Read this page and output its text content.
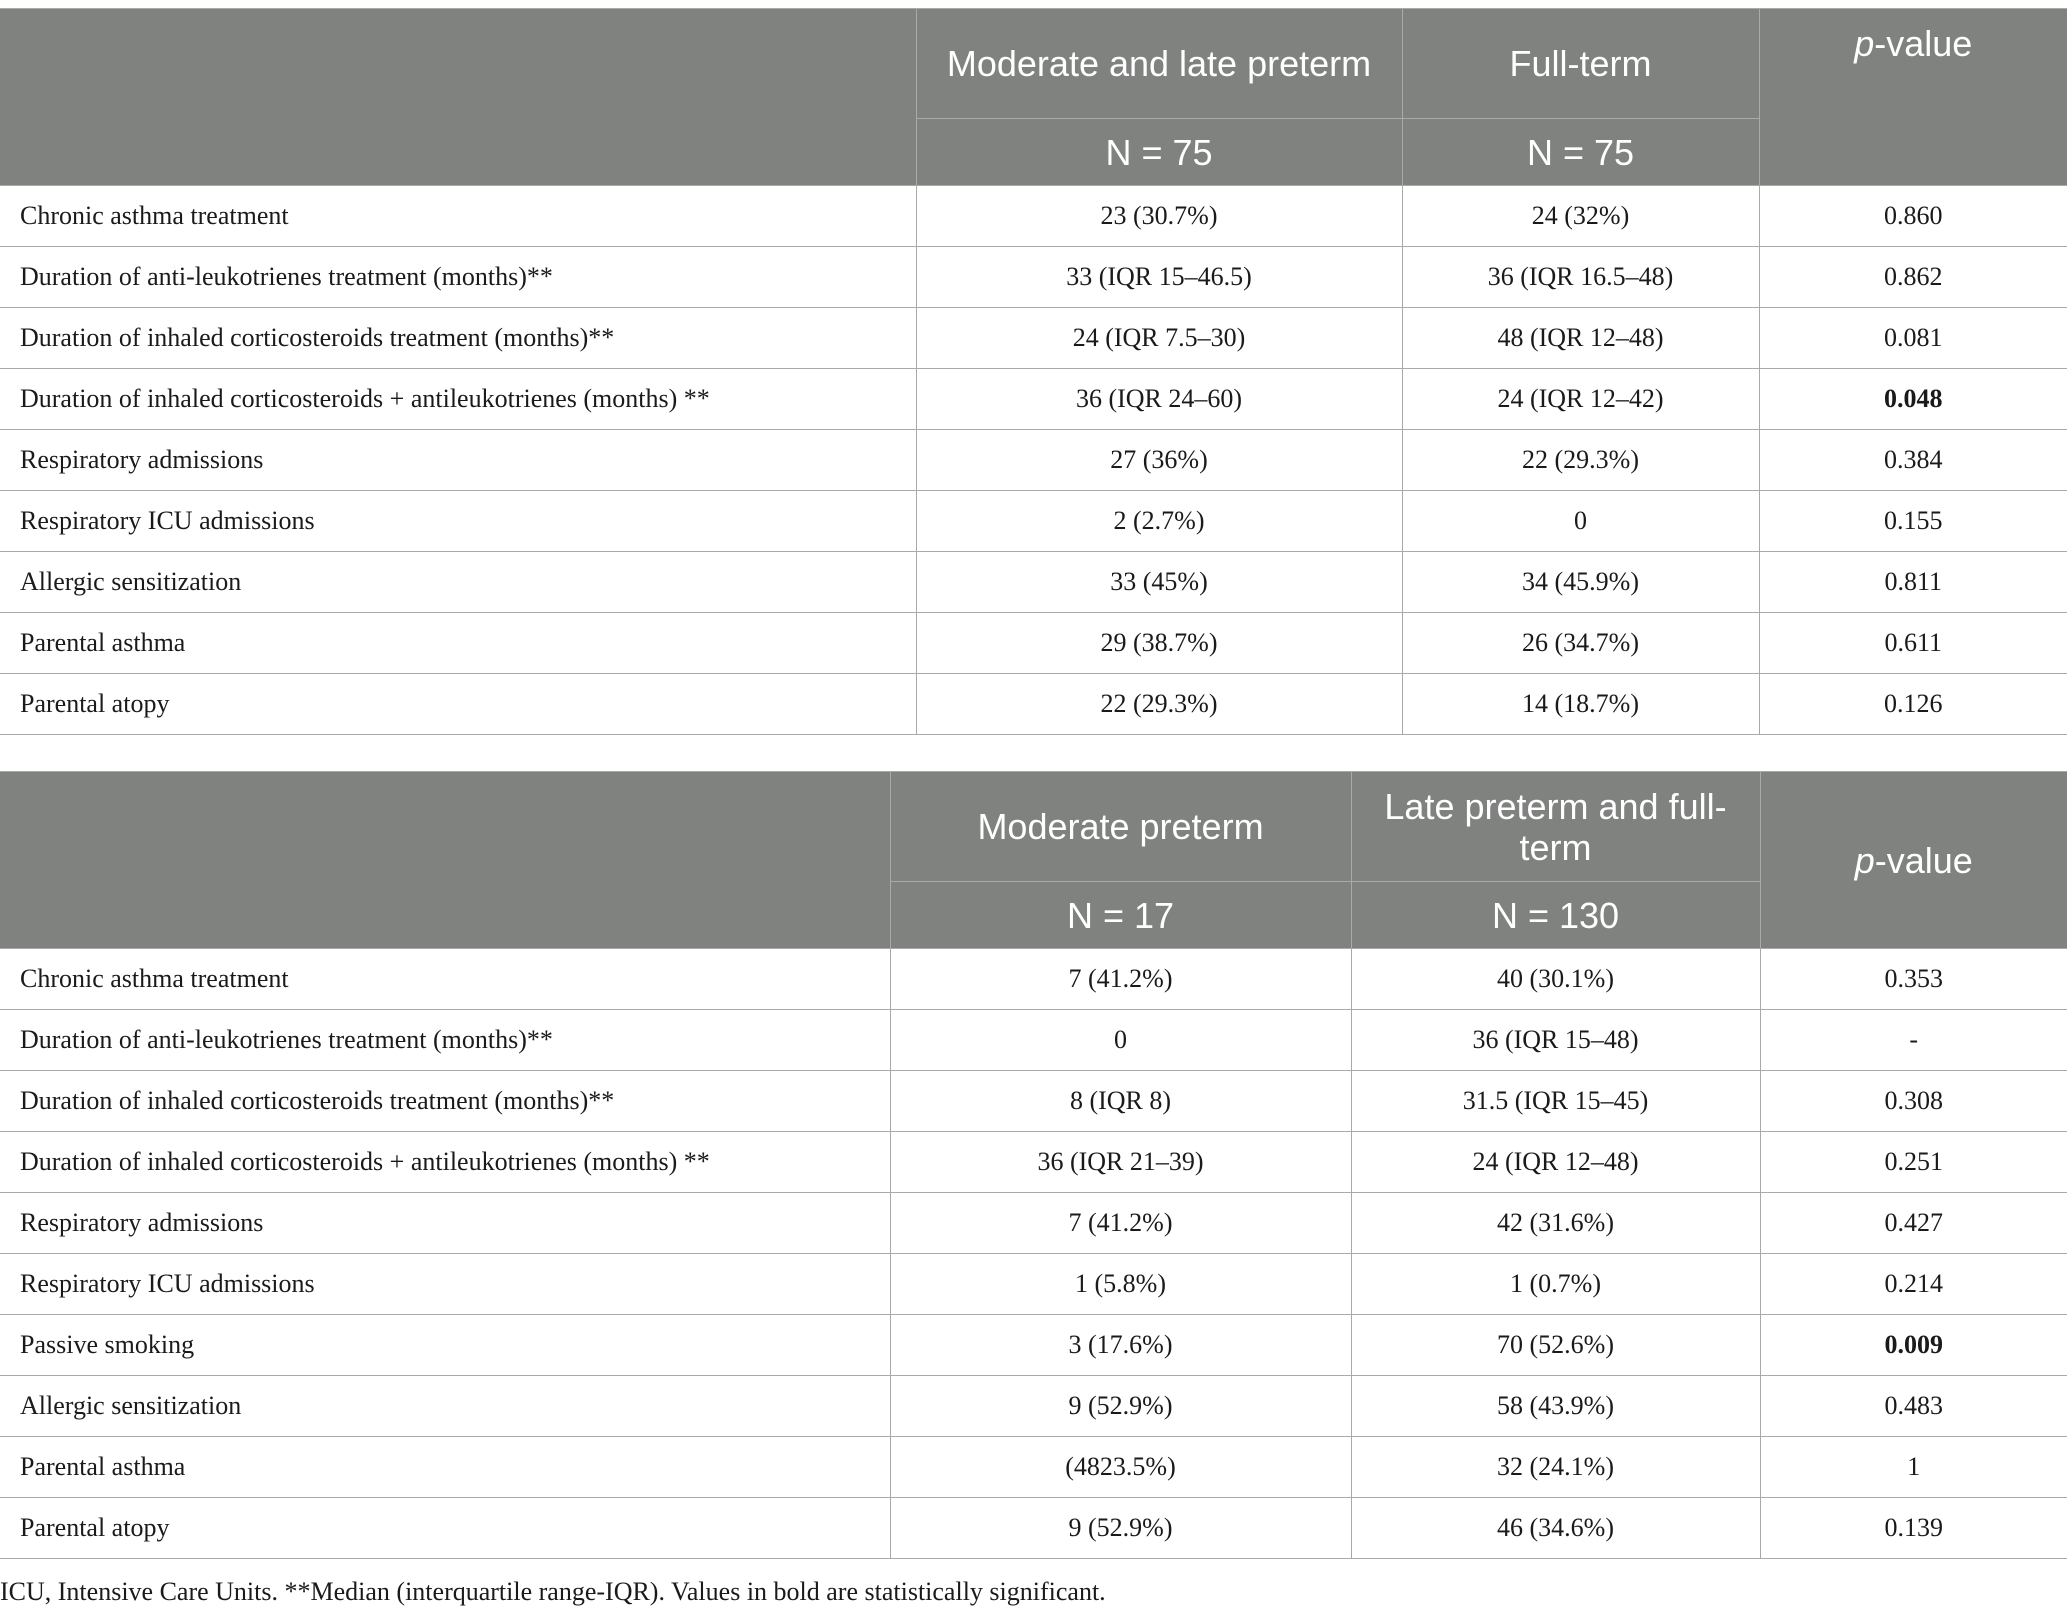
	Moderate and late preterm	Full-term	p-value
	N = 75	N = 75	
Chronic asthma treatment	23 (30.7%)	24 (32%)	0.860
Duration of anti-leukotrienes treatment (months)**	33 (IQR 15–46.5)	36 (IQR 16.5–48)	0.862
Duration of inhaled corticosteroids treatment (months)**	24 (IQR 7.5–30)	48 (IQR 12–48)	0.081
Duration of inhaled corticosteroids + antileukotrienes (months) **	36 (IQR 24–60)	24 (IQR 12–42)	0.048
Respiratory admissions	27 (36%)	22 (29.3%)	0.384
Respiratory ICU admissions	2 (2.7%)	0	0.155
Allergic sensitization	33 (45%)	34 (45.9%)	0.811
Parental asthma	29 (38.7%)	26 (34.7%)	0.611
Parental atopy	22 (29.3%)	14 (18.7%)	0.126
	Moderate preterm	Late preterm and full-term	p-value
	N = 17	N = 130	
Chronic asthma treatment	7 (41.2%)	40 (30.1%)	0.353
Duration of anti-leukotrienes treatment (months)**	0	36 (IQR 15–48)	-
Duration of inhaled corticosteroids treatment (months)**	8 (IQR 8)	31.5 (IQR 15–45)	0.308
Duration of inhaled corticosteroids + antileukotrienes (months) **	36 (IQR 21–39)	24 (IQR 12–48)	0.251
Respiratory admissions	7 (41.2%)	42 (31.6%)	0.427
Respiratory ICU admissions	1 (5.8%)	1 (0.7%)	0.214
Passive smoking	3 (17.6%)	70 (52.6%)	0.009
Allergic sensitization	9 (52.9%)	58 (43.9%)	0.483
Parental asthma	(4823.5%)	32 (24.1%)	1
Parental atopy	9 (52.9%)	46 (34.6%)	0.139
ICU, Intensive Care Units. **Median (interquartile range-IQR). Values in bold are statistically significant.
